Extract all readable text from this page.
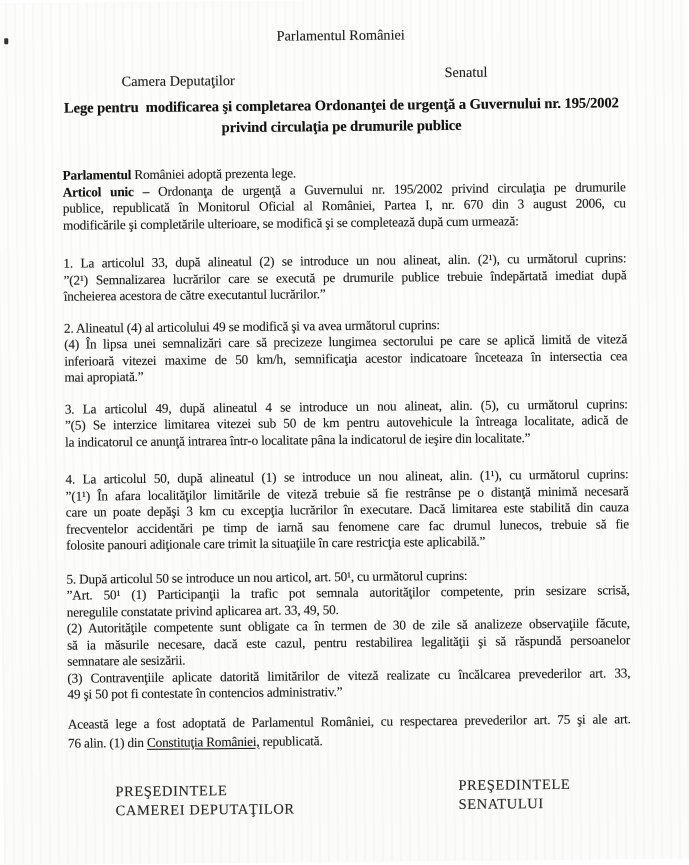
Parlamentul României
Camera Deputaţilor
Senatul
Lege pentru  modificarea şi completarea Ordonanţei de urgenţă a Guvernului nr. 195/2002
privind circulaţia pe drumurile publice
Parlamentul României adoptă prezenta lege.
Articol unic – Ordonanţa de urgenţă a Guvernului nr. 195/2002 privind circulaţia pe drumurile
publice, republicată în Monitorul Oficial al României, Partea I, nr. 670 din 3 august 2006, cu
modificările şi completările ulterioare, se modifică şi se completează după cum urmează:
1. La articolul 33, după alineatul (2) se introduce un nou alineat, alin. (2¹), cu următorul cuprins:
”(2¹) Semnalizarea lucrărilor care se execută pe drumurile publice trebuie îndepărtată imediat după
încheierea acestora de către executantul lucrărilor.”
2. Alineatul (4) al articolului 49 se modifică şi va avea următorul cuprins:
(4) În lipsa unei semnalizări care să precizeze lungimea sectorului pe care se aplică limită de viteză
inferioară vitezei maxime de 50 km/h, semnificaţia acestor indicatoare înceteaza în intersectia cea
mai apropiată.”
3. La articolul 49, după alineatul 4 se introduce un nou alineat, alin. (5), cu următorul cuprins:
”(5) Se interzice limitarea vitezei sub 50 de km pentru autovehicule la întreaga localitate, adică de
la indicatorul ce anunţă intrarea într-o localitate pâna la indicatorul de ieşire din localitate.”
4. La articolul 50, după alineatul (1) se introduce un nou alineat, alin. (1¹), cu următorul cuprins:
”(1¹) În afara localităţilor limitările de viteză trebuie să fie restrânse pe o distanţă minimă necesară
care un poate depăşi 3 km cu excepţia lucrărilor în executare. Dacă limitarea este stabilită din cauza
frecventelor accidentări pe timp de iarnă sau fenomene care fac drumul lunecos, trebuie să fie
folosite panouri adiţionale care trimit la situaţiile în care restricţia este aplicabilă.”
5. După articolul 50 se introduce un nou articol, art. 50¹, cu următorul cuprins:
”Art. 50¹ (1) Participanţii la trafic pot semnala autorităţilor competente, prin sesizare scrisă,
neregulile constatate privind aplicarea art. 33, 49, 50.
(2) Autorităţile competente sunt obligate ca în termen de 30 de zile să analizeze observaţiile făcute,
să ia măsurile necesare, dacă este cazul, pentru restabilirea legalităţii şi să răspundă persoanelor
semnatare ale sesizării.
(3) Contravenţiile aplicate datorită limitărilor de viteză realizate cu încălcarea prevederilor art. 33,
49 şi 50 pot fi contestate în contencios administrativ.”
Această lege a fost adoptată de Parlamentul României, cu respectarea prevederilor art. 75 şi ale art.
76 alin. (1) din Constituţia României, republicată.
PREŞEDINTELE
CAMEREI DEPUTAŢILOR
PREŞEDINTELE
SENATULUI
